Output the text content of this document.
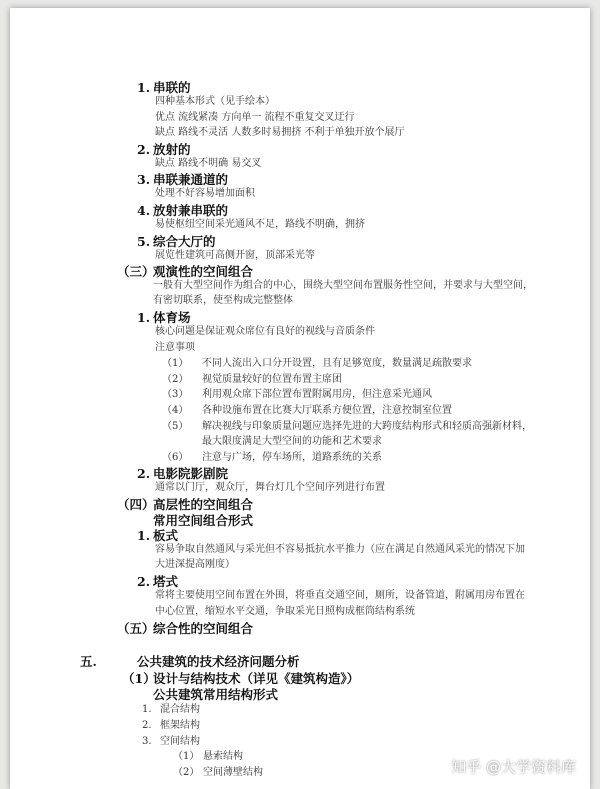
1. 串联的
四种基本形式（见手绘本）
优点 流线紧凑 方向单一 流程不重复交叉迂行
缺点 路线不灵活 人数多时易拥挤 不利于单独开放个展厅
2. 放射的
缺点 路线不明确 易交叉
3. 串联兼通道的
处理不好容易增加面积
4. 放射兼串联的
易使枢纽空间采光通风不足，路线不明确，拥挤
5. 综合大厅的
展览性建筑可高侧开窗，顶部采光等
（三）
观演性的空间组合
一般有大型空间作为组合的中心，围绕大型空间布置服务性空间，并要求与大型空间，
有密切联系，使至构成完整整体
1. 体育场
核心问题是保证观众席位有良好的视线与音质条件
注意事项
（1） 不同人流出入口分开设置，且有足够宽度，数量满足疏散要求
（2） 视觉质量较好的位置布置主席团
（3） 利用观众席下部位置布置附属用房，但注意采光通风
（4） 各种设施布置在比赛大厅联系方便位置，注意控制室位置
（5） 解决视线与印象质量问题应选择先进的大跨度结构形式和轻质高强新材料，
最大限度满足大型空间的功能和艺术要求
（6） 注意与广场，停车场所，道路系统的关系
2. 电影院影剧院
通常以门厅，观众厅，舞台灯几个空间序列进行布置
（四）
高层性的空间组合
常用空间组合形式
1. 板式
容易争取自然通风与采光但不容易抵抗水平推力（应在满足自然通风采光的情况下加
大进深提高刚度）
2. 塔式
常将主要使用空间布置在外围，将垂直交通空间，厕所，设备管道，附属用房布置在
中心位置，缩短水平交通，争取采光日照构成框筒结构系统
（五）
综合性的空间组合
五.	公共建筑的技术经济问题分析
（1）
设计与结构技术（详见《建筑构造》）
公共建筑常用结构形式
1. 混合结构
2. 框架结构
3. 空间结构
（1） 悬索结构
（2） 空间薄壁结构	知乎 @大学资料库
